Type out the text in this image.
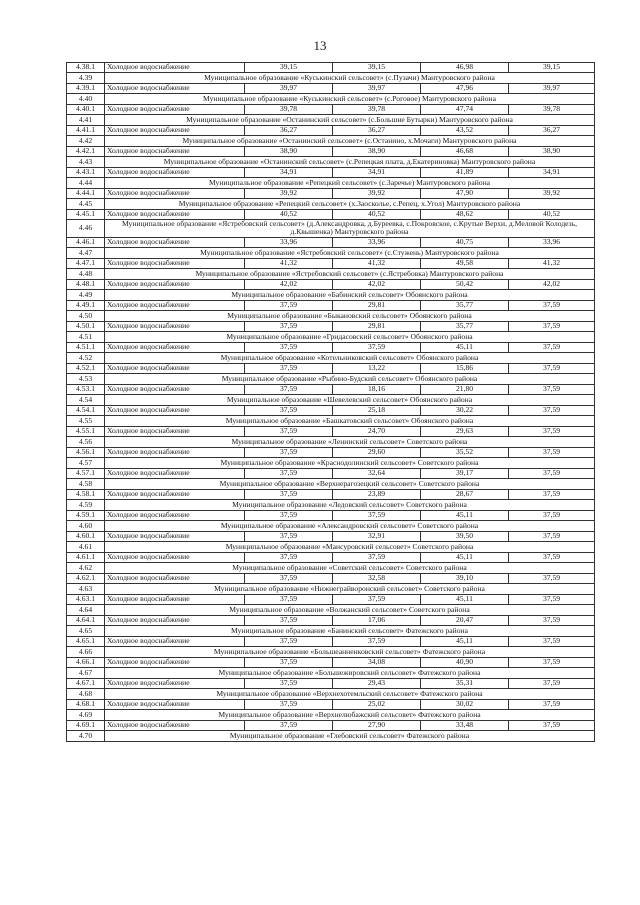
13
4.38.1	Холодное водоснабжение	39,15	39,15	46,98	39,15
4.39	Муниципальное образование «Куськинский сельсовет» (с.Пузачи) Мантуровского района				
4.39.1	Холодное водоснабжение	39,97	39,97	47,96	39,97
4.40	Муниципальное образование «Куськинский сельсовет» (с.Роговое) Мантуровского района				
4.40.1	Холодное водоснабжение	39,78	39,78	47,74	39,78
4.41	Муниципальное образование «Останинский сельсовет» (с.Большие Бутырки) Мантуровского района				
4.41.1	Холодное водоснабжение	36,27	36,27	43,52	36,27
4.42	Муниципальное образование «Останинский сельсовет» (с.Останино, х.Мочаги) Мантуровского района				
4.42.1	Холодное водоснабжение	38,90	38,90	46,68	38,90
4.43	Муниципальное образование «Останинский сельсовет» (с.Репецкая плата, д.Екатериновка) Мантуровского района				
4.43.1	Холодное водоснабжение	34,91	34,91	41,89	34,91
4.44	Муниципальное образование «Репецкий сельсовет» (с.Заречье) Мантуровского района				
4.44.1	Холодное водоснабжение	39,92	39,92	47,90	39,92
4.45	Муниципальное образование «Репецкий сельсовет» (х.Заосколье, с.Репец, х.Угол) Мантуровского района				
4.45.1	Холодное водоснабжение	40,52	40,52	48,62	40,52
4.46	Муниципальное образование «Ястребовский сельсовет» (д.Александровка, д.Буреевка, с.Покровское, с.Крутые Верхи, д.Меловой Колодезь, д.Квышенка) Мантуровского района				
4.46.1	Холодное водоснабжение	33,96	33,96	40,75	33,96
4.47	Муниципальное образование «Ястребовский сельсовет» (с.Стужень) Мантуровского района				
4.47.1	Холодное водоснабжение	41,32	41,32	49,58	41,32
4.48	Муниципальное образование «Ястребовский сельсовет» (с.Ястребовка) Мантуровского района				
4.48.1	Холодное водоснабжение	42,02	42,02	50,42	42,02
4.49	Муниципальное образование «Бабинский сельсовет» Обоянского района				
4.49.1	Холодное водоснабжение	37,59	29,81	35,77	37,59
4.50	Муниципальное образование «Быкановский сельсовет» Обоянского района				
4.50.1	Холодное водоснабжение	37,59	29,81	35,77	37,59
4.51	Муниципальное образование «Гридасовский сельсовет» Обоянского района				
4.51.1	Холодное водоснабжение	37,59	37,59	45,11	37,59
4.52	Муниципальное образование «Котельниковский сельсовет» Обоянского района				
4.52.1	Холодное водоснабжение	37,59	13,22	15,86	37,59
4.53	Муниципальное образование «Рыбино-Будский сельсовет» Обоянского района				
4.53.1	Холодное водоснабжение	37,59	18,16	21,80	37,59
4.54	Муниципальное образование «Шевелевский сельсовет» Обоянского района				
4.54.1	Холодное водоснабжение	37,59	25,18	30,22	37,59
4.55	Муниципальное образование «Башкатовский сельсовет» Обоянского района				
4.55.1	Холодное водоснабжение	37,59	24,70	29,63	37,59
4.56	Муниципальное образование «Ленинский сельсовет» Советского района				
4.56.1	Холодное водоснабжение	37,59	29,60	35,52	37,59
4.57	Муниципальное образование «Краснодолинский сельсовет» Советского района				
4.57.1	Холодное водоснабжение	37,59	32,64	39,17	37,59
4.58	Муниципальное образование «Верхнерагозецкий сельсовет» Советского района				
4.58.1	Холодное водоснабжение	37,59	23,89	28,67	37,59
4.59	Муниципальное образование «Ледовский сельсовет» Советского района				
4.59.1	Холодное водоснабжение	37,59	37,59	45,11	37,59
4.60	Муниципальное образование «Александровский сельсовет» Советского района				
4.60.1	Холодное водоснабжение	37,59	32,91	39,50	37,59
4.61	Муниципальное образование «Мансуровский сельсовет» Советского района				
4.61.1	Холодное водоснабжение	37,59	37,59	45,11	37,59
4.62	Муниципальное образование «Советский сельсовет» Советского района				
4.62.1	Холодное водоснабжение	37,59	32,58	39,10	37,59
4.63	Муниципальное образование «Нижнеграйворонский сельсовет» Советского района				
4.63.1	Холодное водоснабжение	37,59	37,59	45,11	37,59
4.64	Муниципальное образование «Волжанский сельсовет» Советского района				
4.64.1	Холодное водоснабжение	37,59	17,06	20,47	37,59
4.65	Муниципальное образование «Банинский сельсовет» Фатежского района				
4.65.1	Холодное водоснабжение	37,59	37,59	45,11	37,59
4.66	Муниципальное образование «Большеанненковский сельсовет» Фатежского района				
4.66.1	Холодное водоснабжение	37,59	34,08	40,90	37,59
4.67	Муниципальное образование «Большежировский сельсовет» Фатежского района				
4.67.1	Холодное водоснабжение	37,59	29,43	35,31	37,59
4.68	Муниципальное образование «Верхнехотемльский сельсовет» Фатежского района				
4.68.1	Холодное водоснабжение	37,59	25,02	30,02	37,59
4.69	Муниципальное образование «Верхнелюбажский сельсовет» Фатежского района				
4.69.1	Холодное водоснабжение	37,59	27,90	33,48	37,59
4.70	Муниципальное образование «Глебовский сельсовет» Фатежского района				
